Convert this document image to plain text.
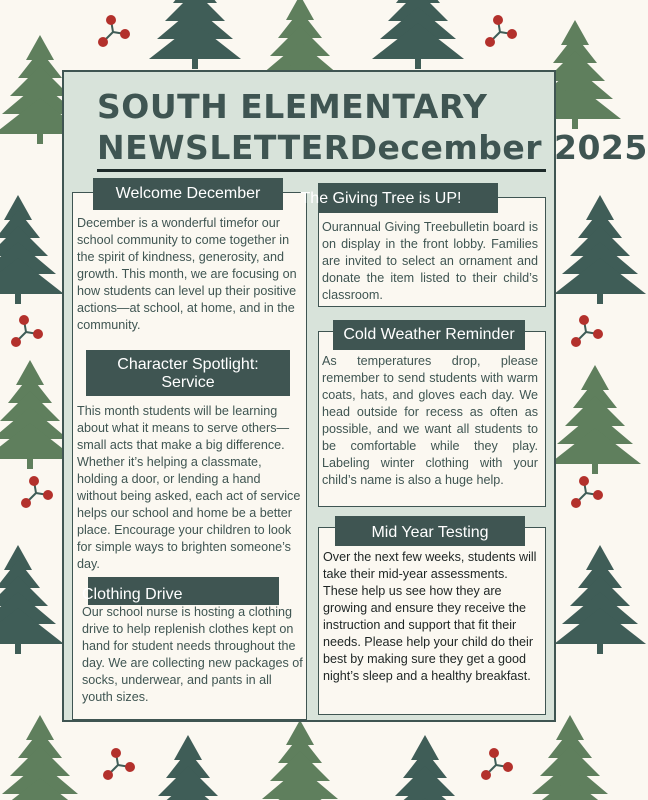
SOUTH ELEMENTARY
NEWSLETTERDecember 2025
Welcome December
December is a wonderful timefor our school community to come together in the spirit of kindness, generosity, and growth. This month, we are focusing on how students can level up their positive actions—at school, at home, and in the community.
Character Spotlight:
Service
This month students will be learning about what it means to serve others—small acts that make a big difference. Whether it’s helping a classmate, holding a door, or lending a hand without being asked, each act of service helps our school and home be a better place. Encourage your children to look for simple ways to brighten someone’s day.
Clothing Drive
Our school nurse is hosting a clothing drive to help replenish clothes kept on hand for student needs throughout the day. We are collecting new packages of socks, underwear, and pants in all youth sizes.
The Giving Tree is UP!
Ourannual Giving Treebulletin board is on display in the front lobby. Families are invited to select an ornament and donate the item listed to their child’s classroom.
Cold Weather Reminder
As temperatures drop, please remember to send students with warm coats, hats, and gloves each day. We head outside for recess as often as possible, and we want all students to be comfortable while they play. Labeling winter clothing with your child’s name is also a huge help.
Mid Year Testing
Over the next few weeks, students will take their mid-year assessments. These help us see how they are growing and ensure they receive the instruction and support that fit their needs. Please help your child do their best by making sure they get a good night’s sleep and a healthy breakfast.
